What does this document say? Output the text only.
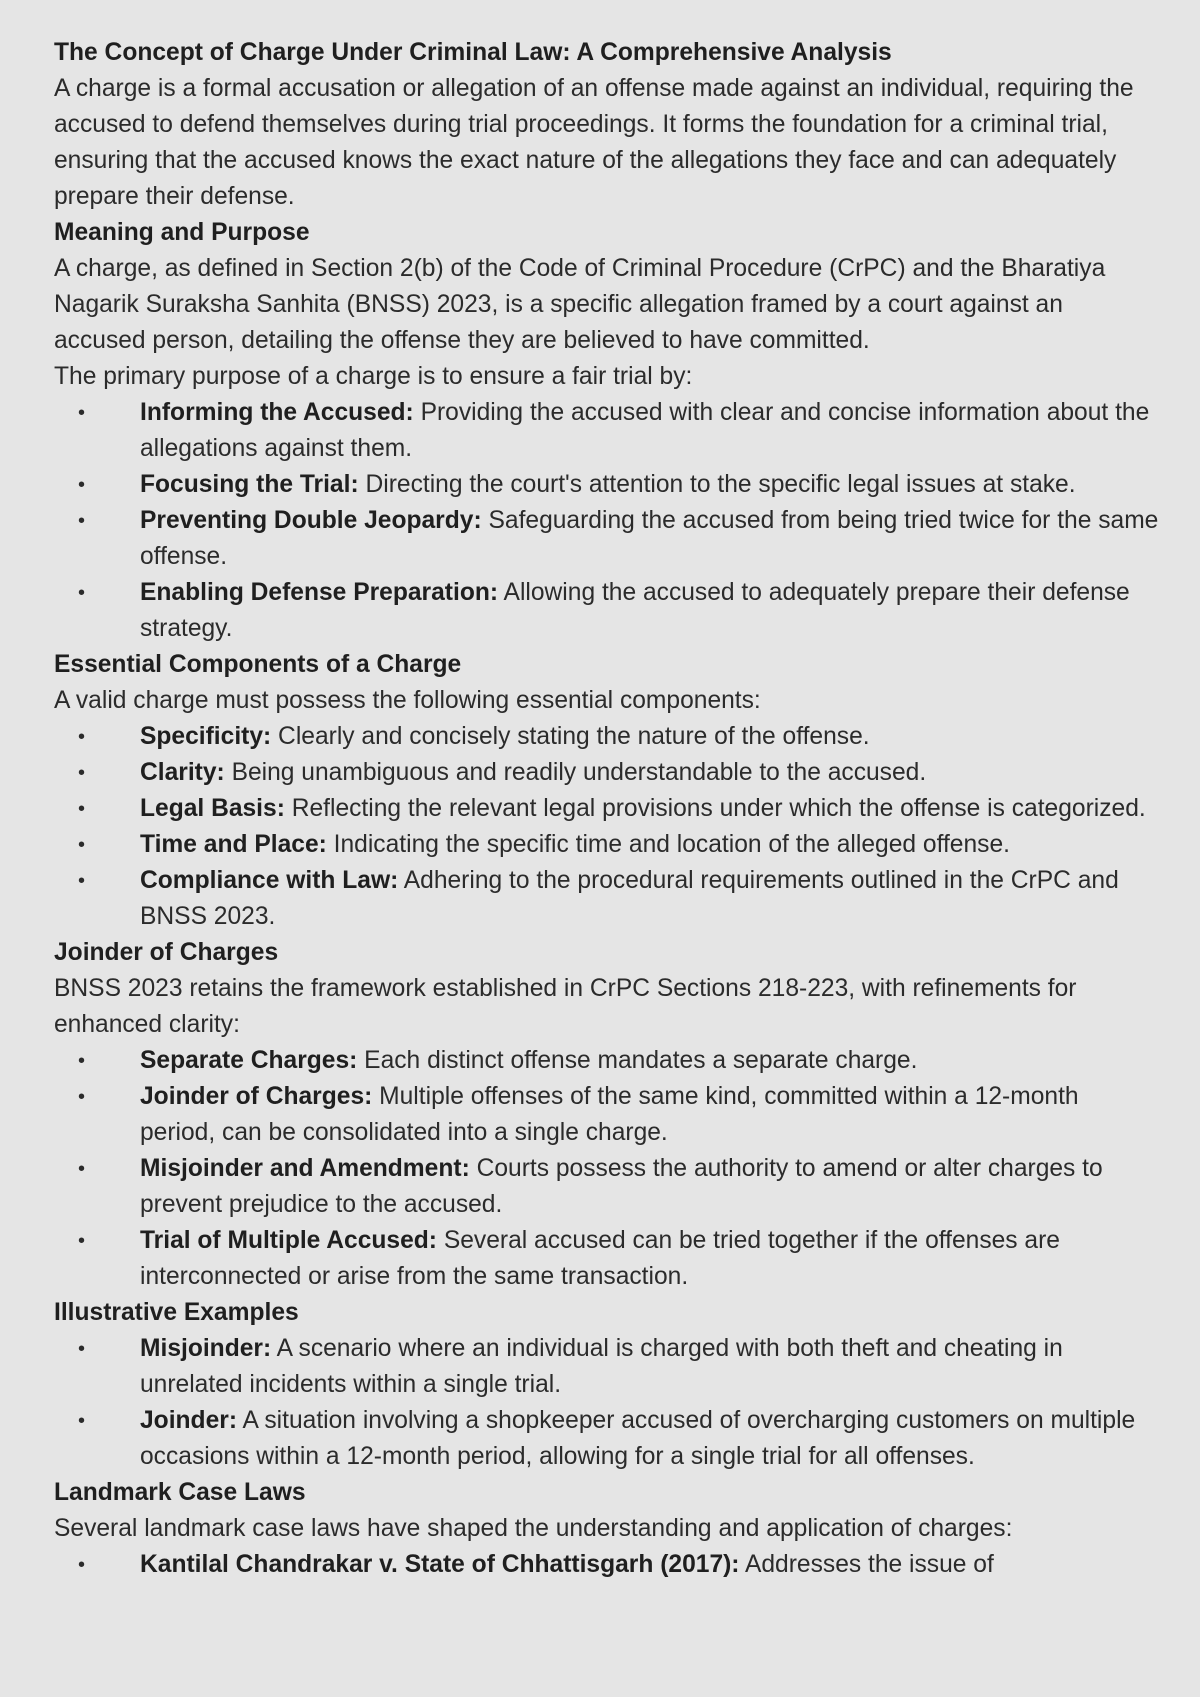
The Concept of Charge Under Criminal Law: A Comprehensive Analysis

A charge is a formal accusation or allegation of an offense made against an individual, requiring the accused to defend themselves during trial proceedings. It forms the foundation for a criminal trial, ensuring that the accused knows the exact nature of the allegations they face and can adequately prepare their defense.

Meaning and Purpose

A charge, as defined in Section 2(b) of the Code of Criminal Procedure (CrPC) and the Bharatiya Nagarik Suraksha Sanhita (BNSS) 2023, is a specific allegation framed by a court against an accused person, detailing the offense they are believed to have committed.

The primary purpose of a charge is to ensure a fair trial by:

• Informing the Accused: Providing the accused with clear and concise information about the allegations against them.
• Focusing the Trial: Directing the court's attention to the specific legal issues at stake.
• Preventing Double Jeopardy: Safeguarding the accused from being tried twice for the same offense.
• Enabling Defense Preparation: Allowing the accused to adequately prepare their defense strategy.
Essential Components of a Charge

A valid charge must possess the following essential components:

• Specificity: Clearly and concisely stating the nature of the offense.
• Clarity: Being unambiguous and readily understandable to the accused.
• Legal Basis: Reflecting the relevant legal provisions under which the offense is categorized.
• Time and Place: Indicating the specific time and location of the alleged offense.
• Compliance with Law: Adhering to the procedural requirements outlined in the CrPC and BNSS 2023.
Joinder of Charges

BNSS 2023 retains the framework established in CrPC Sections 218-223, with refinements for enhanced clarity:

• Separate Charges: Each distinct offense mandates a separate charge.
• Joinder of Charges: Multiple offenses of the same kind, committed within a 12-month period, can be consolidated into a single charge.
• Misjoinder and Amendment: Courts possess the authority to amend or alter charges to prevent prejudice to the accused.
• Trial of Multiple Accused: Several accused can be tried together if the offenses are interconnected or arise from the same transaction.
Illustrative Examples
• Misjoinder: A scenario where an individual is charged with both theft and cheating in unrelated incidents within a single trial.
• Joinder: A situation involving a shopkeeper accused of overcharging customers on multiple occasions within a 12-month period, allowing for a single trial for all offenses.
Landmark Case Laws

Several landmark case laws have shaped the understanding and application of charges:

• Kantilal Chandrakar v. State of Chhattisgarh (2017): Addresses the issue of
